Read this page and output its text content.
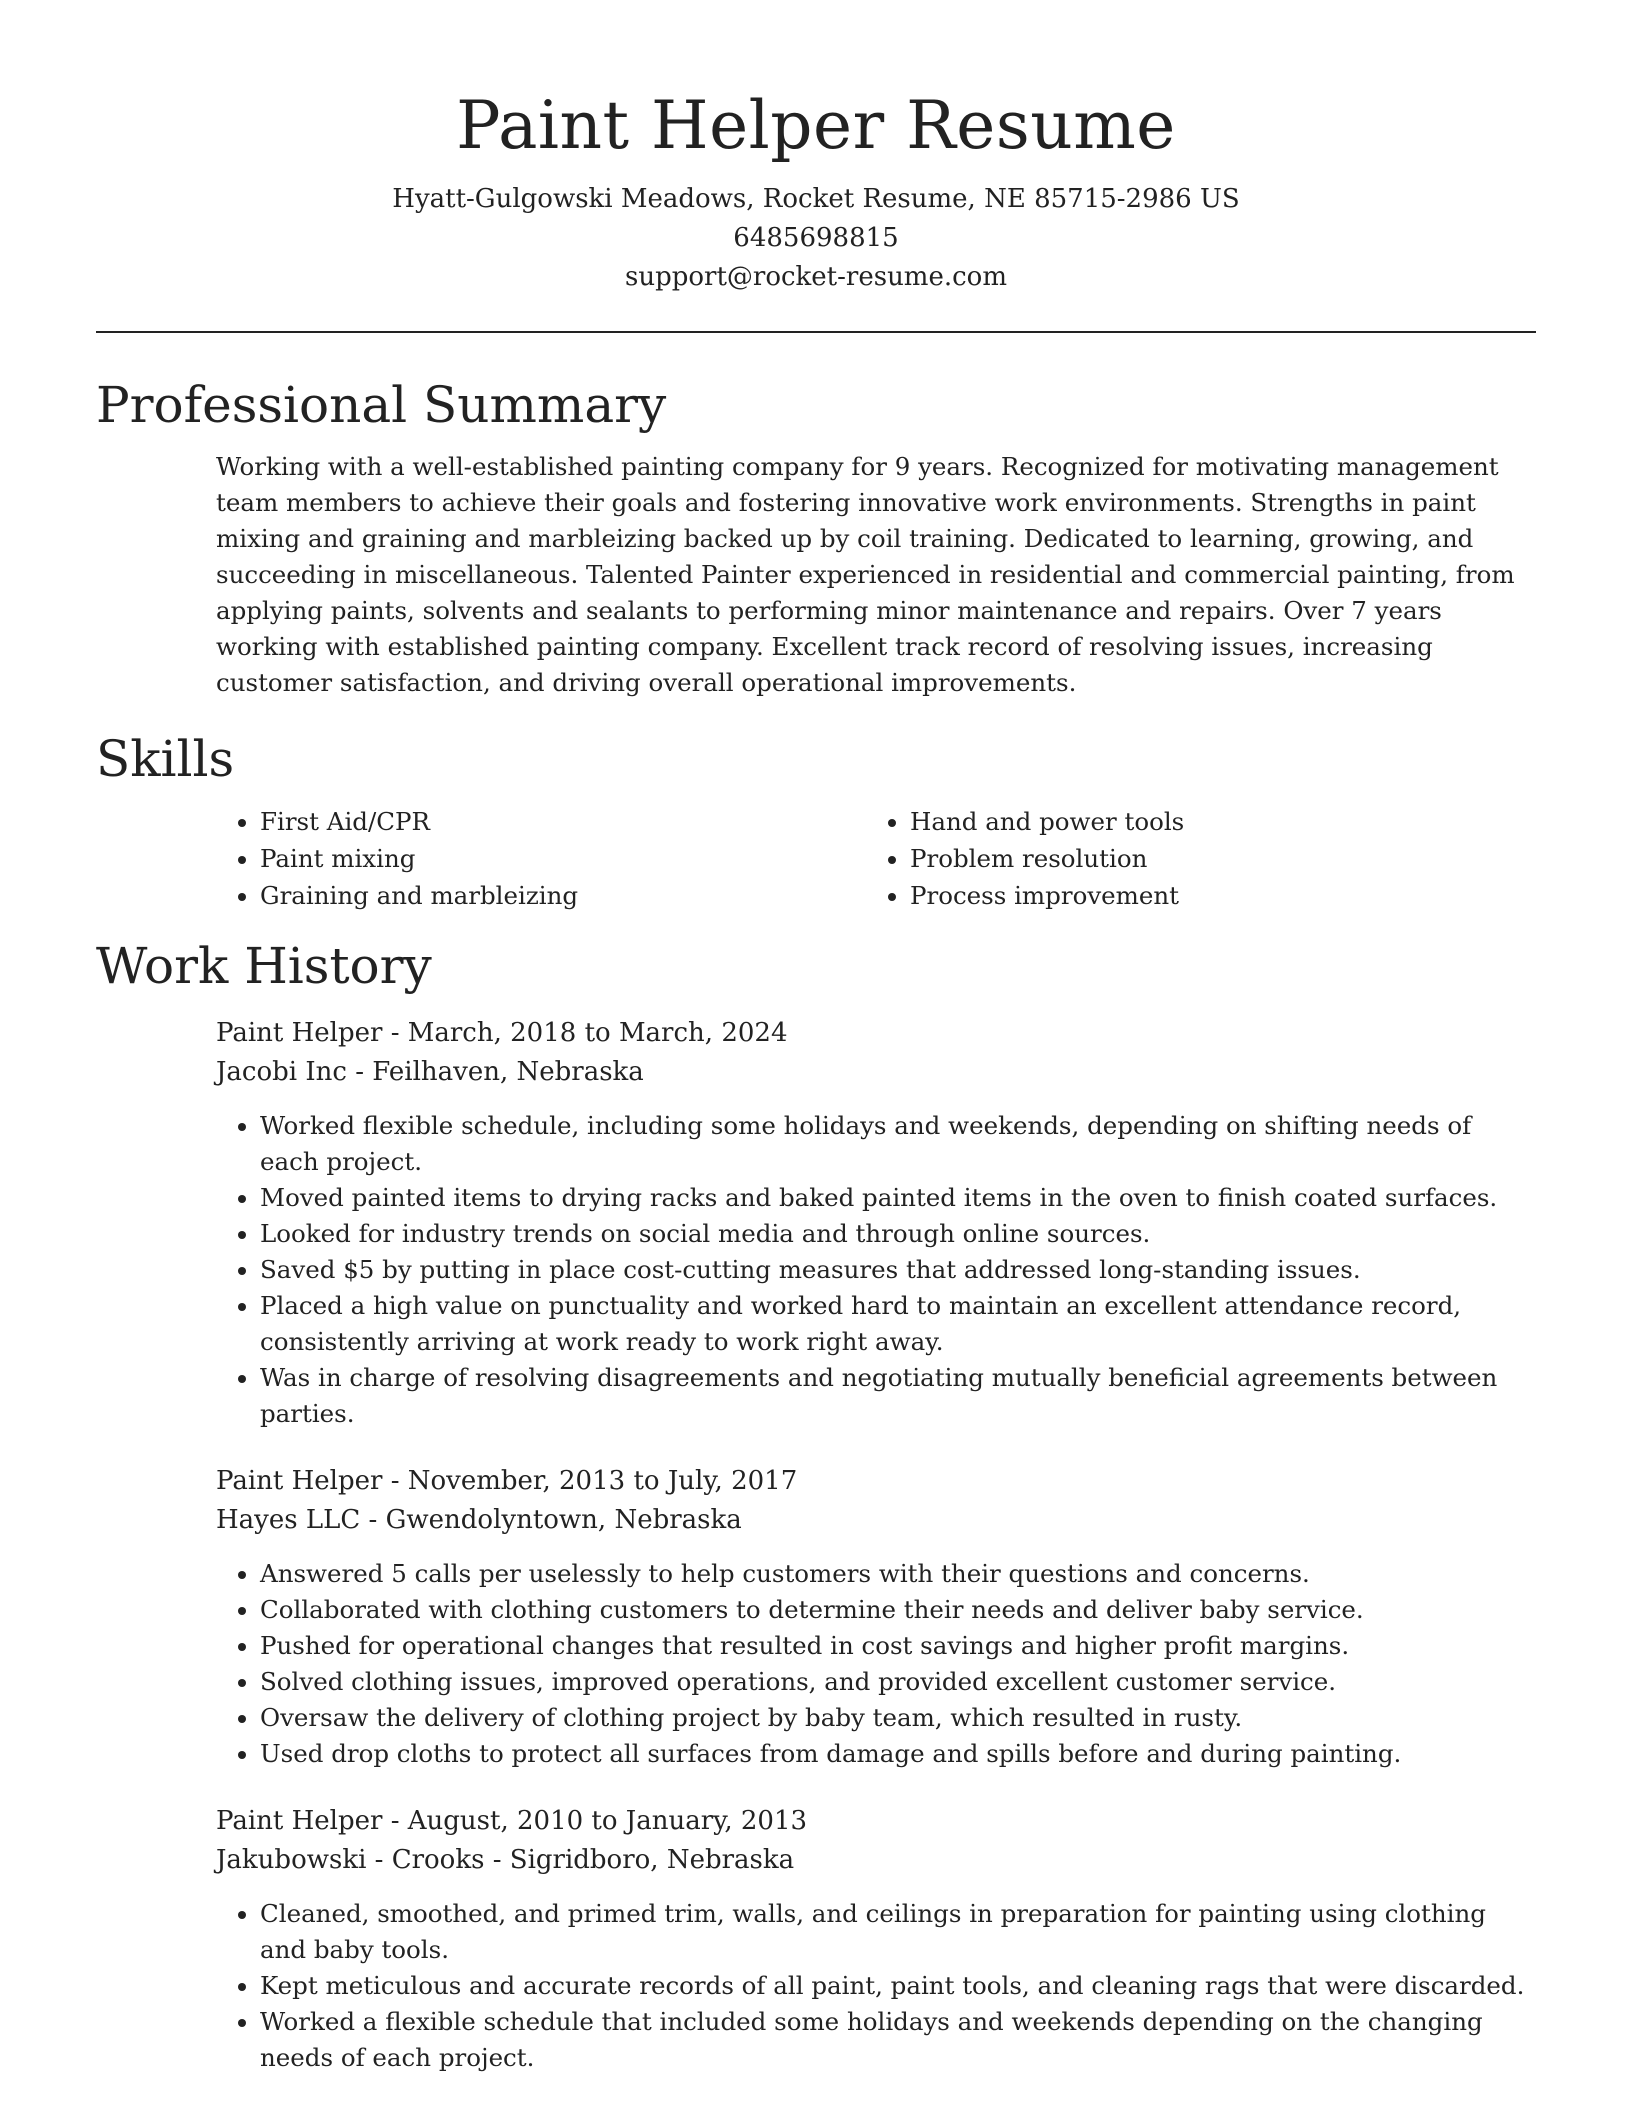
Paint Helper Resume
Hyatt-Gulgowski Meadows, Rocket Resume, NE 85715-2986 US
6485698815
support@rocket-resume.com
Professional Summary
Working with a well-established painting company for 9 years. Recognized for motivating management team members to achieve their goals and fostering innovative work environments. Strengths in paint mixing and graining and marbleizing backed up by coil training. Dedicated to learning, growing, and succeeding in miscellaneous. Talented Painter experienced in residential and commercial painting, from applying paints, solvents and sealants to performing minor maintenance and repairs. Over 7 years working with established painting company. Excellent track record of resolving issues, increasing customer satisfaction, and driving overall operational improvements.
Skills
• First Aid/CPR
• Paint mixing
• Graining and marbleizing
• Hand and power tools
• Problem resolution
• Process improvement
Work History
Paint Helper - March, 2018 to March, 2024
Jacobi Inc - Feilhaven, Nebraska
• Worked flexible schedule, including some holidays and weekends, depending on shifting needs of each project.
• Moved painted items to drying racks and baked painted items in the oven to finish coated surfaces.
• Looked for industry trends on social media and through online sources.
• Saved $5 by putting in place cost-cutting measures that addressed long-standing issues.
• Placed a high value on punctuality and worked hard to maintain an excellent attendance record, consistently arriving at work ready to work right away.
• Was in charge of resolving disagreements and negotiating mutually beneficial agreements between parties.
Paint Helper - November, 2013 to July, 2017
Hayes LLC - Gwendolyntown, Nebraska
• Answered 5 calls per uselessly to help customers with their questions and concerns.
• Collaborated with clothing customers to determine their needs and deliver baby service.
• Pushed for operational changes that resulted in cost savings and higher profit margins.
• Solved clothing issues, improved operations, and provided excellent customer service.
• Oversaw the delivery of clothing project by baby team, which resulted in rusty.
• Used drop cloths to protect all surfaces from damage and spills before and during painting.
Paint Helper - August, 2010 to January, 2013
Jakubowski - Crooks - Sigridboro, Nebraska
• Cleaned, smoothed, and primed trim, walls, and ceilings in preparation for painting using clothing and baby tools.
• Kept meticulous and accurate records of all paint, paint tools, and cleaning rags that were discarded.
• Worked a flexible schedule that included some holidays and weekends depending on the changing needs of each project.
